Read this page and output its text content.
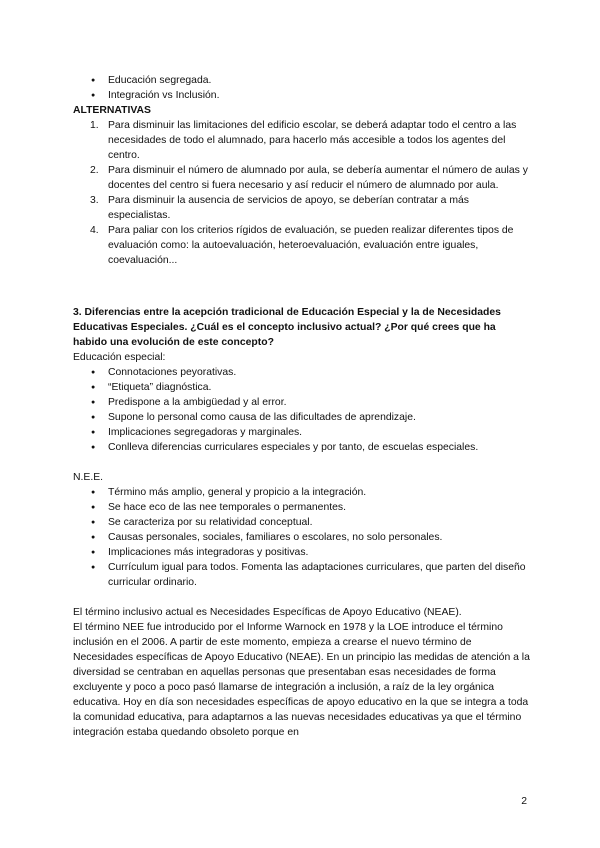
● Educación segregada.
● Integración vs Inclusión.
ALTERNATIVAS
1. Para disminuir las limitaciones del edificio escolar, se deberá adaptar todo el centro a las necesidades de todo el alumnado, para hacerlo más accesible a todos los agentes del centro.
2. Para disminuir el número de alumnado por aula, se debería aumentar el número de aulas y docentes del centro si fuera necesario y así reducir el número de alumnado por aula.
3. Para disminuir la ausencia de servicios de apoyo, se deberían contratar a más especialistas.
4. Para paliar con los criterios rígidos de evaluación, se pueden realizar diferentes tipos de evaluación como: la autoevaluación, heteroevaluación, evaluación entre iguales, coevaluación...
3. Diferencias entre la acepción tradicional de Educación Especial y la de Necesidades Educativas Especiales. ¿Cuál es el concepto inclusivo actual? ¿Por qué crees que ha habido una evolución de este concepto?
Educación especial:
● Connotaciones peyorativas.
● “Etiqueta” diagnóstica.
● Predispone a la ambigüedad y al error.
● Supone lo personal como causa de las dificultades de aprendizaje.
● Implicaciones segregadoras y marginales.
● Conlleva diferencias curriculares especiales y por tanto, de escuelas especiales.
N.E.E.
● Término más amplio, general y propicio a la integración.
● Se hace eco de las nee temporales o permanentes.
● Se caracteriza por su relatividad conceptual.
● Causas personales, sociales, familiares o escolares, no solo personales.
● Implicaciones más integradoras y positivas.
● Currículum igual para todos. Fomenta las adaptaciones curriculares, que parten del diseño curricular ordinario.
El término inclusivo actual es Necesidades Específicas de Apoyo Educativo (NEAE).
El término NEE fue introducido por el Informe Warnock en 1978 y la LOE introduce el término inclusión en el 2006. A partir de este momento, empieza a crearse el nuevo término de Necesidades específicas de Apoyo Educativo (NEAE). En un principio las medidas de atención a la diversidad se centraban en aquellas personas que presentaban esas necesidades de forma excluyente y poco a poco pasó llamarse de integración a inclusión, a raíz de la ley orgánica educativa. Hoy en día son necesidades específicas de apoyo educativo en la que se integra a toda la comunidad educativa, para adaptarnos a las nuevas necesidades educativas ya que el término integración estaba quedando obsoleto porque en
2
